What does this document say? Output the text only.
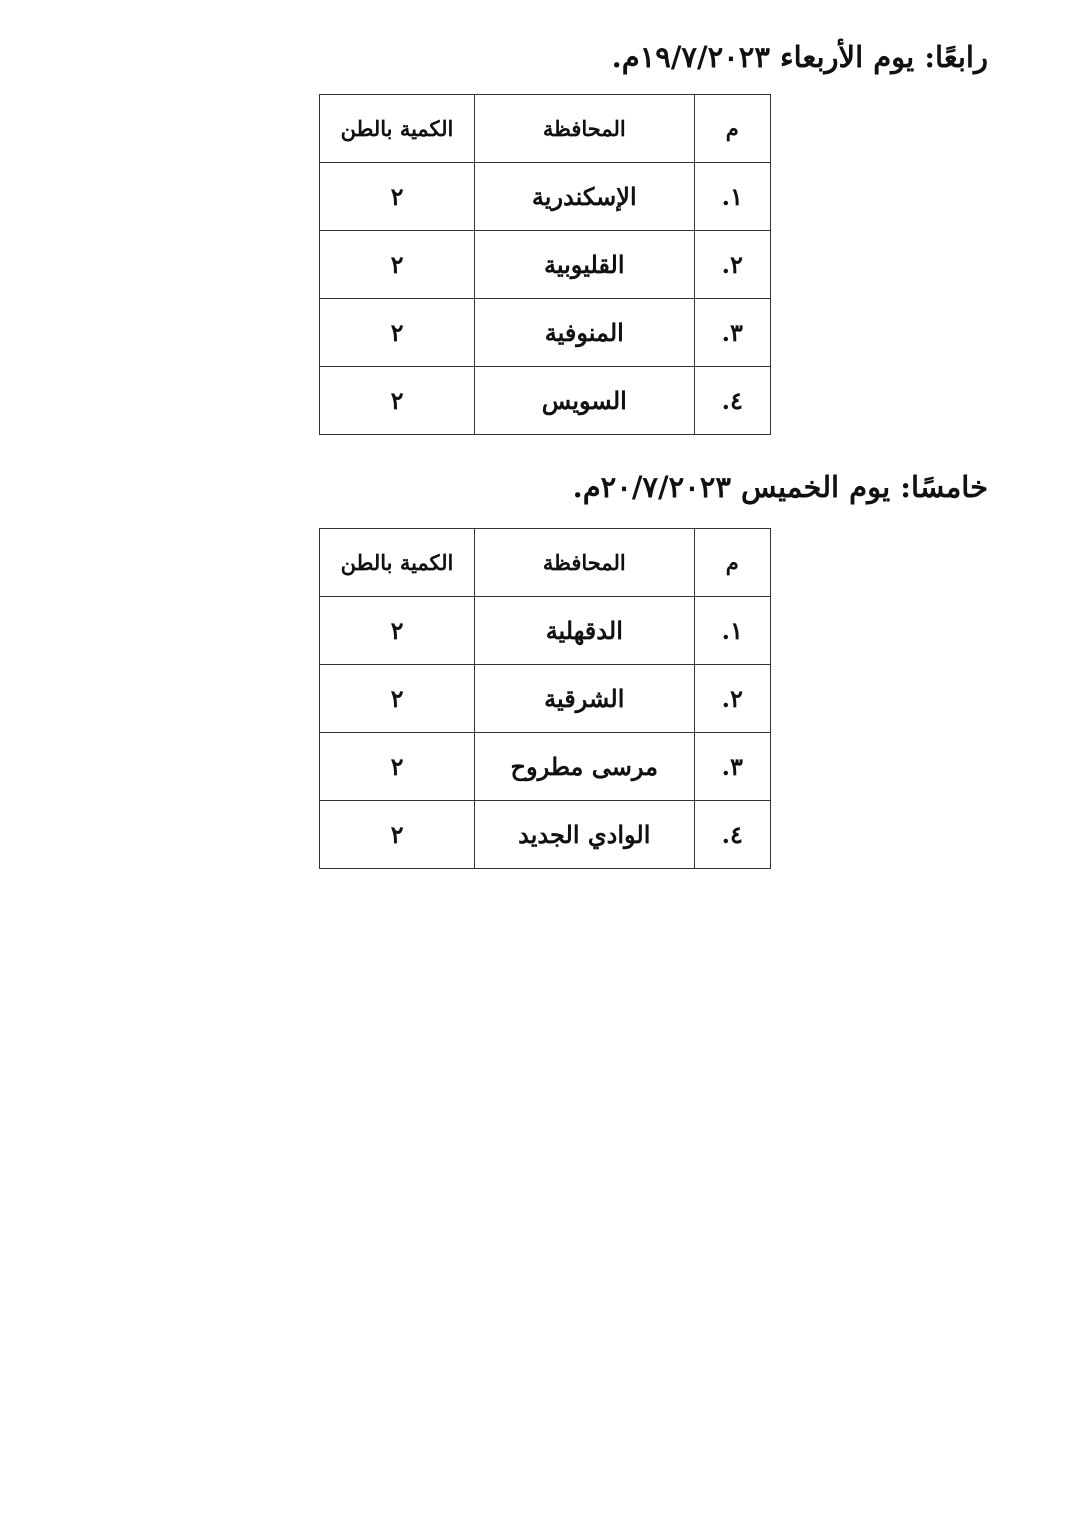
رابعًا: يوم الأربعاء ١٩/٧/٢٠٢٣م.
م	المحافظة	الكمية بالطن
١.	الإسكندرية	٢
٢.	القليوبية	٢
٣.	المنوفية	٢
٤.	السويس	٢
خامسًا: يوم الخميس ٢٠/٧/٢٠٢٣م.
م	المحافظة	الكمية بالطن
١.	الدقهلية	٢
٢.	الشرقية	٢
٣.	مرسى مطروح	٢
٤.	الوادي الجديد	٢
